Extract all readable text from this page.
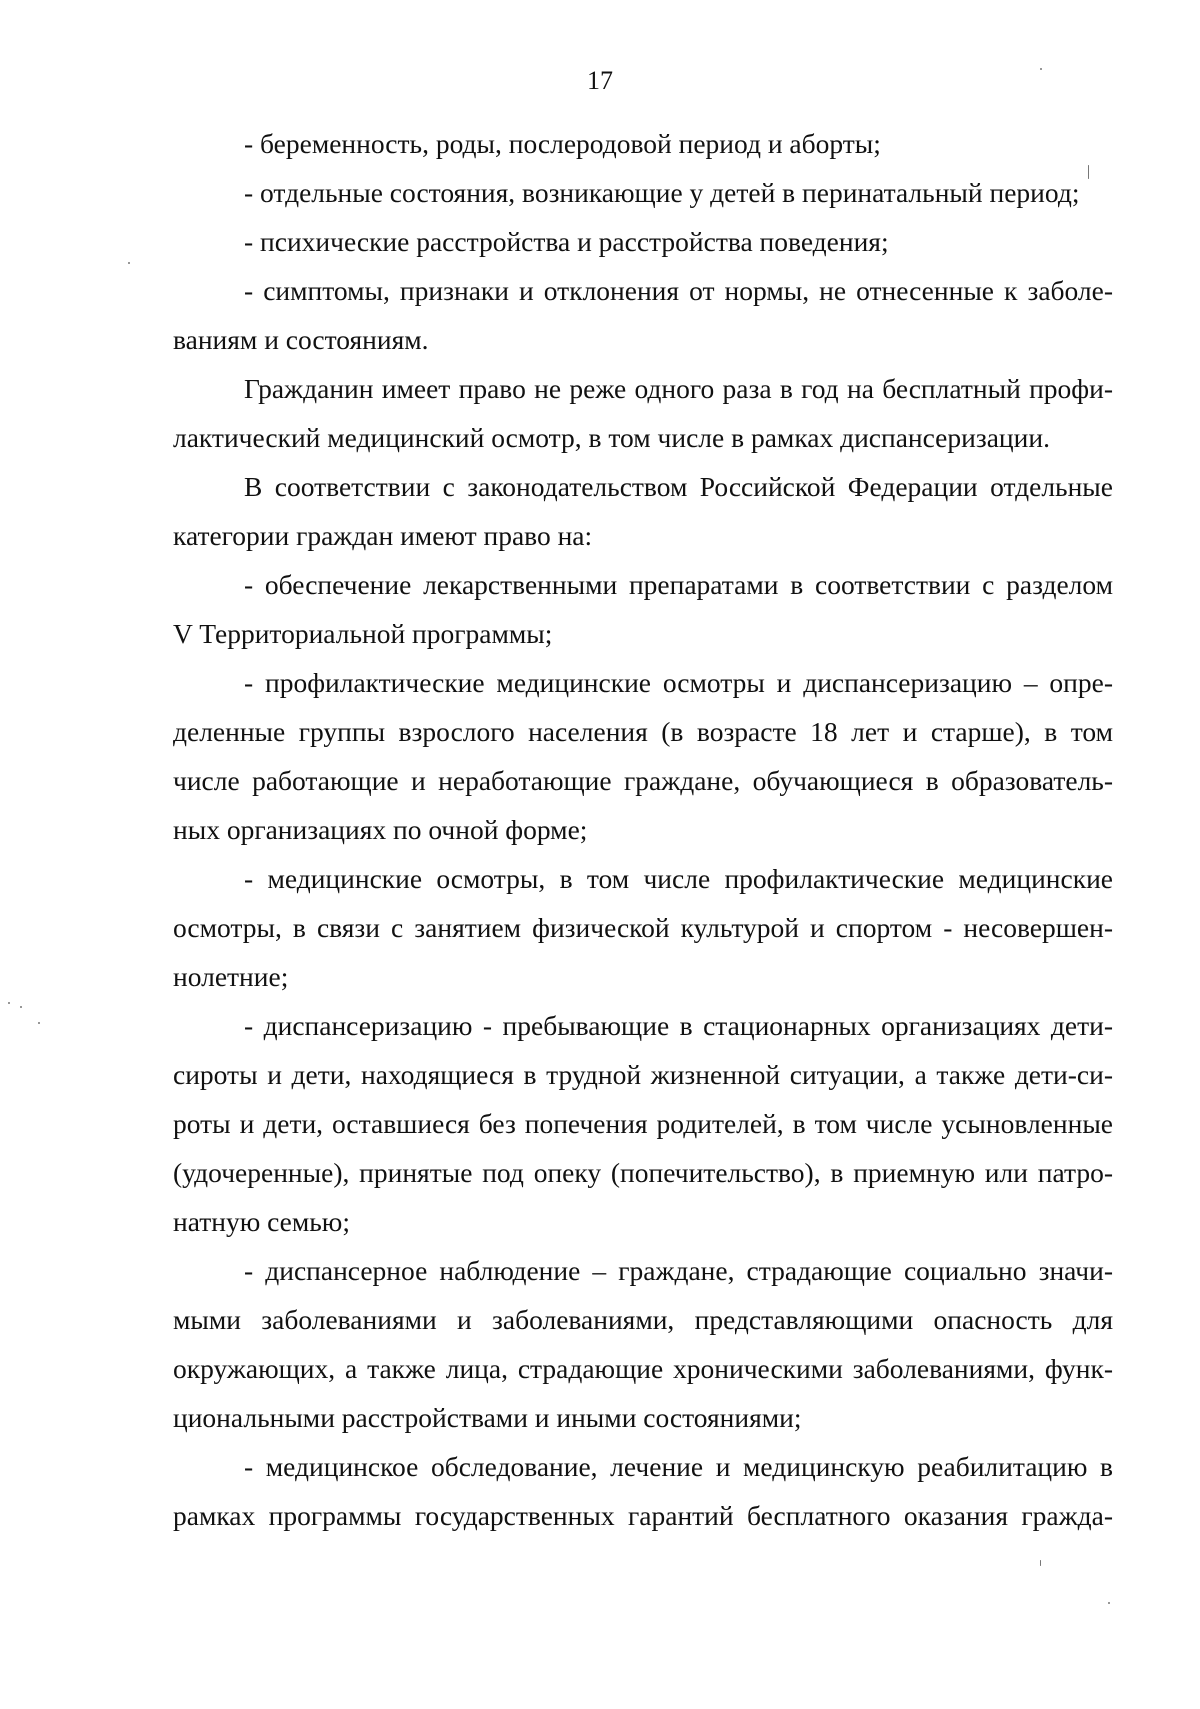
17
- беременность, роды, послеродовой период и аборты;
- отдельные состояния, возникающие у детей в перинатальный период;
- психические расстройства и расстройства поведения;
- симптомы, признаки и отклонения от нормы, не отнесенные к заболе-
ваниям и состояниям.
Гражданин имеет право не реже одного раза в год на бесплатный профи-
лактический медицинский осмотр, в том числе в рамках диспансеризации.
В соответствии с законодательством Российской Федерации отдельные
категории граждан имеют право на:
- обеспечение лекарственными препаратами в соответствии с разделом
V Территориальной программы;
- профилактические медицинские осмотры и диспансеризацию – опре-
деленные группы взрослого населения (в возрасте 18 лет и старше), в том
числе работающие и неработающие граждане, обучающиеся в образователь-
ных организациях по очной форме;
- медицинские осмотры, в том числе профилактические медицинские
осмотры, в связи с занятием физической культурой и спортом - несовершен-
нолетние;
- диспансеризацию - пребывающие в стационарных организациях дети-
сироты и дети, находящиеся в трудной жизненной ситуации, а также дети-си-
роты и дети, оставшиеся без попечения родителей, в том числе усыновленные
(удочеренные), принятые под опеку (попечительство), в приемную или патро-
натную семью;
- диспансерное наблюдение – граждане, страдающие социально значи-
мыми заболеваниями и заболеваниями, представляющими опасность для
окружающих, а также лица, страдающие хроническими заболеваниями, функ-
циональными расстройствами и иными состояниями;
- медицинское обследование, лечение и медицинскую реабилитацию в
рамках программы государственных гарантий бесплатного оказания гражда-
